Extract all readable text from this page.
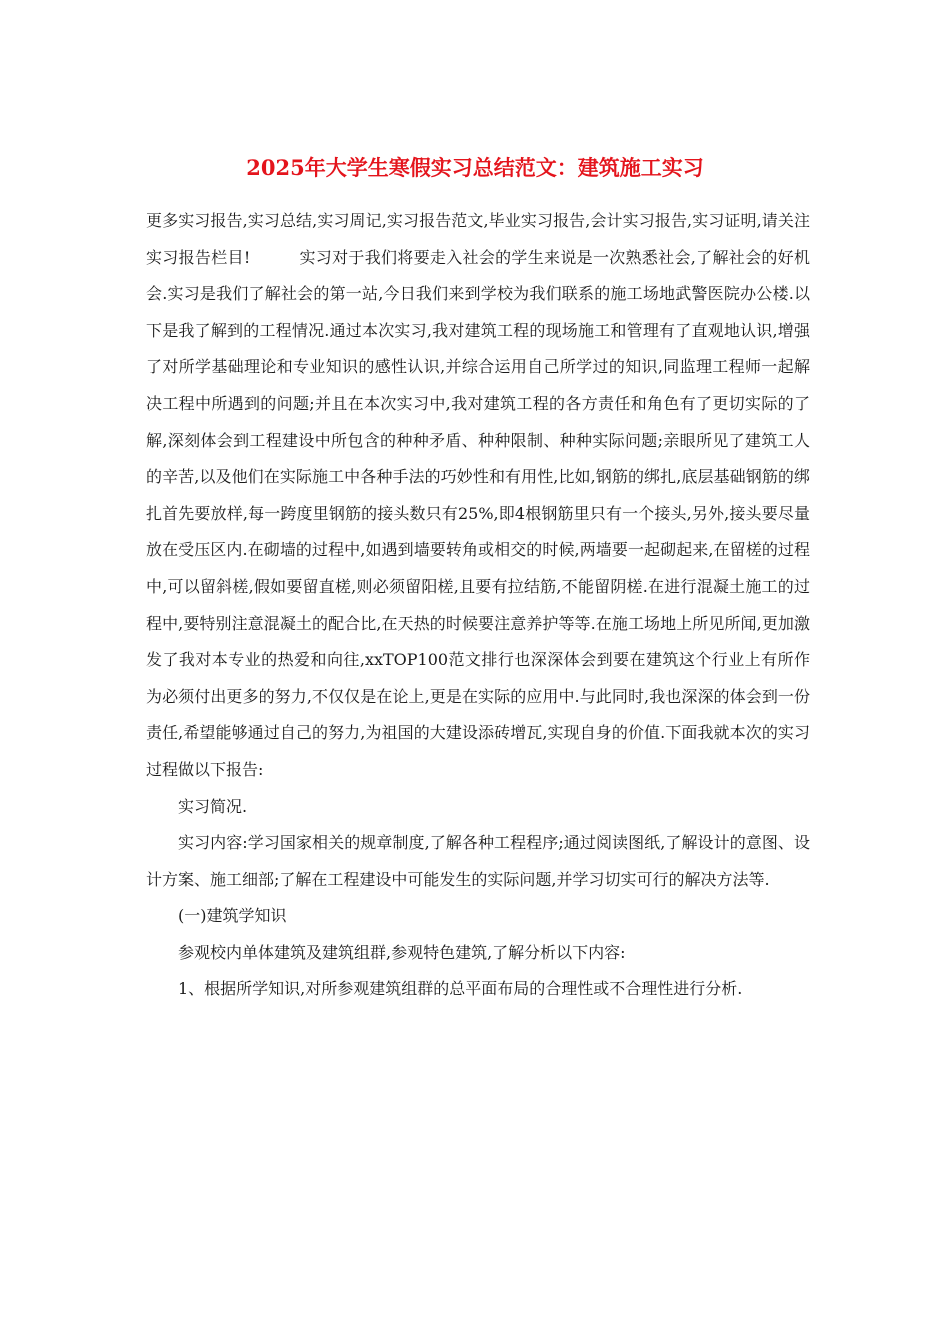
2025年大学生寒假实习总结范文：建筑施工实习

更多实习报告,实习总结,实习周记,实习报告范文,毕业实习报告,会计实习报告,实习证明,请关注实习报告栏目!　　　实习对于我们将要走入社会的学生来说是一次熟悉社会,了解社会的好机会.实习是我们了解社会的第一站,今日我们来到学校为我们联系的施工场地武警医院办公楼.以下是我了解到的工程情况.通过本次实习,我对建筑工程的现场施工和管理有了直观地认识,增强了对所学基础理论和专业知识的感性认识,并综合运用自己所学过的知识,同监理工程师一起解决工程中所遇到的问题;并且在本次实习中,我对建筑工程的各方责任和角色有了更切实际的了解,深刻体会到工程建设中所包含的种种矛盾、种种限制、种种实际问题;亲眼所见了建筑工人的辛苦,以及他们在实际施工中各种手法的巧妙性和有用性,比如,钢筋的绑扎,底层基础钢筋的绑扎首先要放样,每一跨度里钢筋的接头数只有25%,即4根钢筋里只有一个接头,另外,接头要尽量放在受压区内.在砌墙的过程中,如遇到墙要转角或相交的时候,两墙要一起砌起来,在留槎的过程中,可以留斜槎,假如要留直槎,则必须留阳槎,且要有拉结筋,不能留阴槎.在进行混凝土施工的过程中,要特别注意混凝土的配合比,在天热的时候要注意养护等等.在施工场地上所见所闻,更加激发了我对本专业的热爱和向往,xxTOP100范文排行也深深体会到要在建筑这个行业上有所作为必须付出更多的努力,不仅仅是在论上,更是在实际的应用中.与此同时,我也深深的体会到一份责任,希望能够通过自己的努力,为祖国的大建设添砖增瓦,实现自身的价值.下面我就本次的实习过程做以下报告:

实习简况.

实习内容:学习国家相关的规章制度,了解各种工程程序;通过阅读图纸,了解设计的意图、设计方案、施工细部;了解在工程建设中可能发生的实际问题,并学习切实可行的解决方法等.

(一)建筑学知识

参观校内单体建筑及建筑组群,参观特色建筑,了解分析以下内容:

1、根据所学知识,对所参观建筑组群的总平面布局的合理性或不合理性进行分析.
